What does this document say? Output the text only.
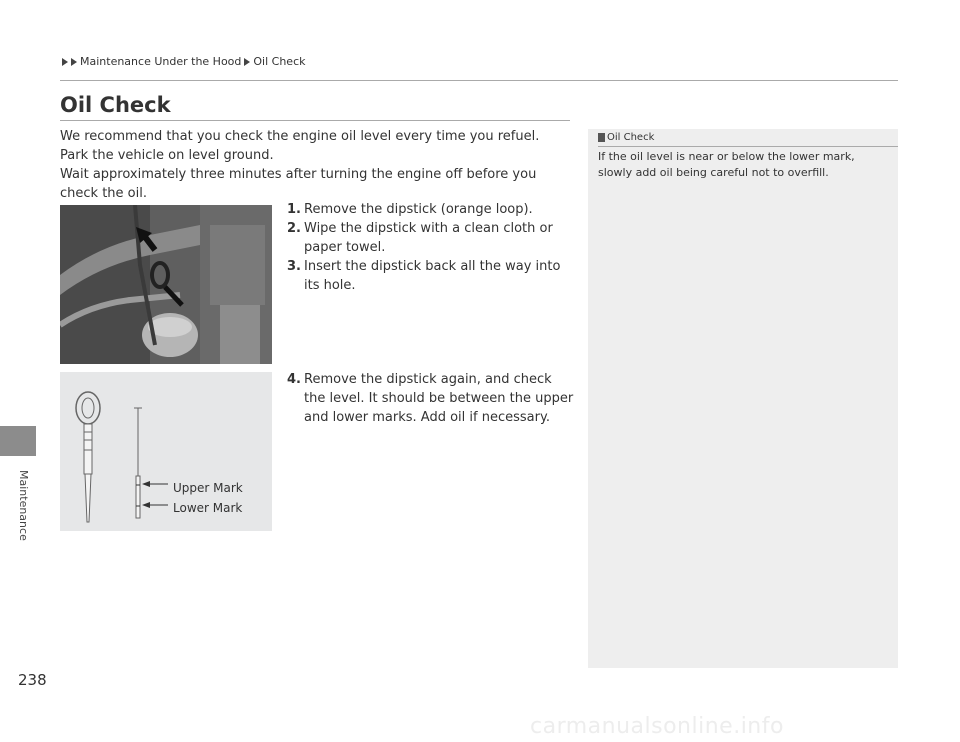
Maintenance Under the Hood Oil Check
Maintenance
238
Oil Check

We recommend that you check the engine oil level every time you refuel.

Park the vehicle on level ground.

Wait approximately three minutes after turning the engine off before you check the oil.

1. Remove the dipstick (orange loop).
2. Wipe the dipstick with a clean cloth or paper towel.
3. Insert the dipstick back all the way into its hole.
Upper Mark
Lower Mark
4. Remove the dipstick again, and check the level. It should be between the upper and lower marks. Add oil if necessary.
Oil Check
If the oil level is near or below the lower mark, slowly add oil being careful not to overfill.
carmanualsonline.info
